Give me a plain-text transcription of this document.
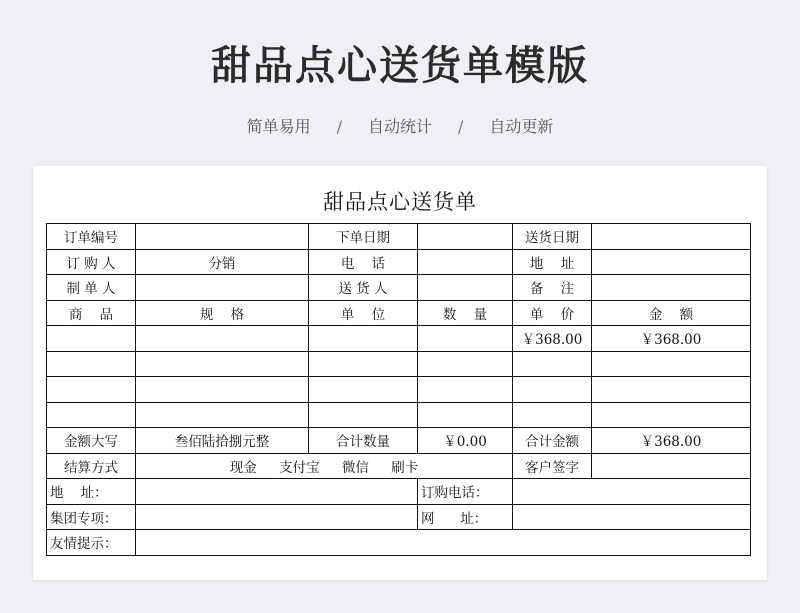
甜品点心送货单模版
简单易用 / 自动统计 / 自动更新
甜品点心送货单
订单编号		下单日期		送货日期	
订 购 人	分销	电    话		地    址	
制 单 人		送 货 人		备    注	
商    品	规    格	单    位	数    量	单    价	金    额
				￥368.00	￥368.00

金额大写	叁佰陆拾捌元整	合计数量	￥0.00	合计金额	￥368.00
结算方式	现金 支付宝 微信 刷卡			客户签字	
地    址：			订购电话：		
集团专项：			网      址：		
友情提示：					
